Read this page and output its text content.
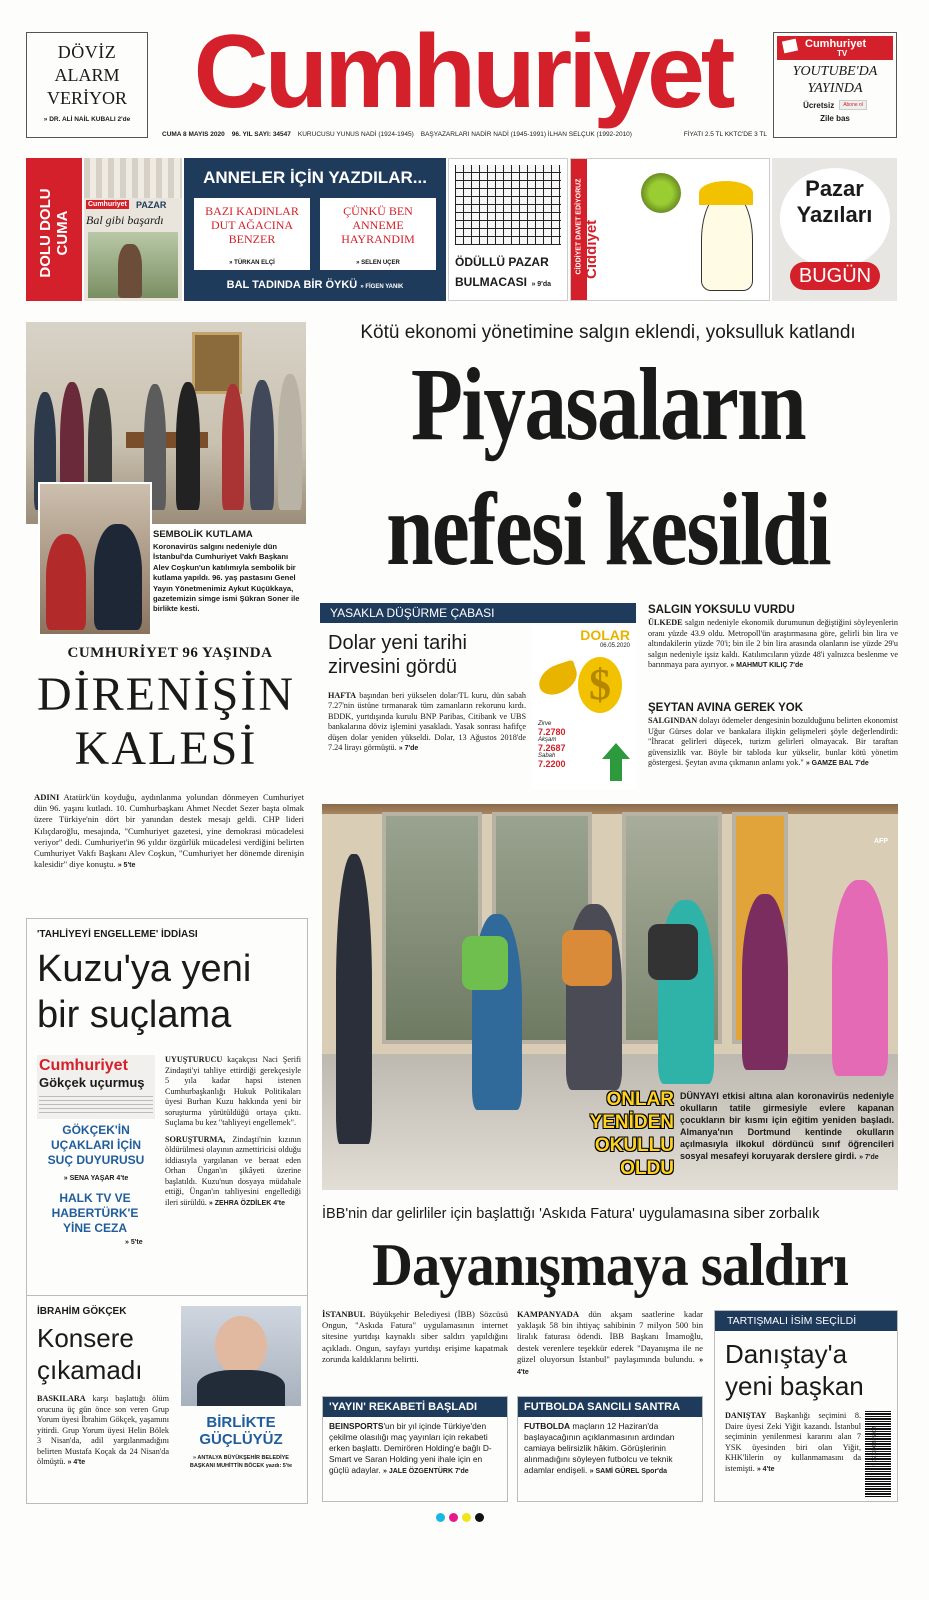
DÖVİZ
ALARM
VERİYOR
» DR. ALİ NAİL KUBALI 2'de Cumhuriyet
CUMA 8 MAYIS 2020 96. YIL SAYI: 34547 KURUCUSU YUNUS NADİ (1924-1945) BAŞYAZARLARI NADİR NADİ (1945-1991) İLHAN SELÇUK (1992-2010)	FİYATI 2.5 TL KKTC'DE 3 TL
Cumhuriyet
TV
YOUTUBE'DA
YAYINDA
Ücretsiz	Abone ol
Zile bas
DOLU DOLU CUMA
Cumhuriyet PAZAR
Bal gibi başardı
ANNELER İÇİN YAZDILAR...
BAZI KADINLAR DUT AĞACINA BENZER
» TÜRKAN ELÇİ
ÇÜNKÜ BEN ANNEME HAYRANDIM
» SELEN UÇER
BAL TADINDA BİR ÖYKÜ » FİGEN YANIK
ÖDÜLLÜ PAZAR
BULMACASI » 9'da
CİDDİYET DAVET EDİYORUZ Ciddiyet
Pazar
Yazıları
BUGÜN
SEMBOLİK KUTLAMA
Koronavirüs salgını nedeniyle dün İstanbul'da Cumhuriyet Vakfı Başkanı Alev Coşkun'un katılımıyla sembolik bir kutlama yapıldı. 96. yaş pastasını Genel Yayın Yönetmenimiz Aykut Küçükkaya, gazetemizin simge ismi Şükran Soner ile birlikte kesti.
CUMHURİYET 96 YAŞINDA
DİRENİŞİN
KALESİ
ADINI Atatürk'ün koyduğu, aydınlanma yolundan dönmeyen Cumhuriyet dün 96. yaşını kutladı. 10. Cumhurbaşkanı Ahmet Necdet Sezer başta olmak üzere Türkiye'nin dört bir yanından destek mesajı geldi. CHP lideri Kılıçdaroğlu, mesajında, "Cumhuriyet gazetesi, yine demokrasi mücadelesi veriyor" dedi. Cumhuriyet'in 96 yıldır özgürlük mücadelesi verdiğini belirten Cumhuriyet Vakfı Başkanı Alev Coşkun, "Cumhuriyet her dönemde direnişin kalesidir" diye konuştu. » 5'te
Kötü ekonomi yönetimine salgın eklendi, yoksulluk katlandı
Piyasaların
nefesi kesildi
YASAKLA DÜŞÜRME ÇABASI
Dolar yeni tarihi zirvesini gördü
HAFTA başından beri yükselen dolar/TL kuru, dün sabah 7.27'nin üstüne tırmanarak tüm zamanların rekorunu kırdı. BDDK, yurtdışında kurulu BNP Paribas, Citibank ve UBS bankalarına döviz işlemini yasakladı. Yasak sonrası hafifçe düşen dolar yeniden yükseldi. Dolar, 13 Ağustos 2018'de 7.24 lirayı görmüştü. » 7'de
DOLAR
06.05.2020
$
Zirve
7.2780
Akşam
7.2687
Sabah
7.2200
SALGIN YOKSULU VURDU
ÜLKEDE salgın nedeniyle ekonomik durumunun değiştiğini söyleyenlerin oranı yüzde 43.9 oldu. Metropoll'ün araştırmasına göre, gelirli bin lira ve altındakilerin yüzde 70'i; bin ile 2 bin lira arasında olanların ise yüzde 29'u salgın nedeniyle işsiz kaldı. Katılımcıların yüzde 48'i yalnızca beslenme ve barınmaya para ayırıyor. » MAHMUT KILIÇ 7'de
ŞEYTAN AVINA GEREK YOK
SALGINDAN dolayı ödemeler dengesinin bozulduğunu belirten ekonomist Uğur Gürses dolar ve bankalara ilişkin gelişmeleri şöyle değerlendirdi: "İhracat gelirleri düşecek, turizm gelirleri olmayacak. Bir taraftan güvensizlik var. Böyle bir tabloda kur yükselir, bunlar kötü yönetim göstergesi. Şeytan avına çıkmanın anlamı yok." » GAMZE BAL 7'de
AFP
ONLAR
YENİDEN
OKULLU
OLDU
DÜNYAYI etkisi altına alan koronavirüs nedeniyle okulların tatile girmesiyle evlere kapanan çocukların bir kısmı için eğitim yeniden başladı. Almanya'nın Dortmund kentinde okulların açılmasıyla ilkokul dördüncü sınıf öğrencileri sosyal mesafeyi koruyarak derslere girdi. » 7'de
'TAHLİYEYİ ENGELLEME' İDDİASI
Kuzu'ya yeni
bir suçlama
Cumhuriyet
Gökçek uçurmuş
GÖKÇEK'İN UÇAKLARI İÇİN SUÇ DUYURUSU
» SENA YAŞAR 4'te
HALK TV VE HABERTÜRK'E YİNE CEZA
» 5'te

UYUŞTURUCU kaçakçısı Naci Şerifi Zindaşti'yi tahliye ettirdiği gerekçesiyle 5 yıla kadar hapsi istenen Cumhurbaşkanlığı Hukuk Politikaları üyesi Burhan Kuzu hakkında yeni bir soruşturma yürütüldüğü ortaya çıktı. Suçlama bu kez "tahliyeyi engellemek".

SORUŞTURMA, Zindaşti'nin kızının öldürülmesi olayının azmettiricisi olduğu iddiasıyla yargılanan ve beraat eden Orhan Üngan'ın şikâyeti üzerine başlatıldı. Kuzu'nun dosyaya müdahale ettiği, Üngan'ın tahliyesini engellediği ileri sürüldü. » ZEHRA ÖZDİLEK 4'te

İBRAHİM GÖKÇEK
Konsere
çıkamadı
BASKILARA karşı başlattığı ölüm orucuna üç gün önce son veren Grup Yorum üyesi İbrahim Gökçek, yaşamını yitirdi. Grup Yorum üyesi Helin Bölek 3 Nisan'da, adil yargılanmadığını belirten Mustafa Koçak da 24 Nisan'da ölmüştü. » 4'te
BİRLİKTE GÜÇLÜYÜZ
» ANTALYA BÜYÜKŞEHİR BELEDİYE BAŞKANI MUHİTTİN BÖCEK yazdı: 5'te
İBB'nin dar gelirliler için başlattığı 'Askıda Fatura' uygulamasına siber zorbalık
Dayanışmaya saldırı
İSTANBUL Büyükşehir Belediyesi (İBB) Sözcüsü Ongun, "Askıda Fatura" uygulamasının internet sitesine yurtdışı kaynaklı siber saldırı yapıldığını açıkladı. Ongun, sayfayı yurtdışı erişime kapatmak zorunda kaldıklarını belirtti.
KAMPANYADA dün akşam saatlerine kadar yaklaşık 58 bin ihtiyaç sahibinin 7 milyon 500 bin liralık faturası ödendi. İBB Başkanı İmamoğlu, destek verenlere teşekkür ederek "Dayanışma ile ne güzel oluyorsun İstanbul" paylaşımında bulundu. » 4'te
'YAYIN' REKABETİ BAŞLADI
BEINSPORTS'un bir yıl içinde Türkiye'den çekilme olasılığı maç yayınları için rekabeti erken başlattı. Demirören Holding'e bağlı D-Smart ve Saran Holding yeni ihale için en güçlü adaylar. » JALE ÖZGENTÜRK 7'de
FUTBOLDA SANCILI SANTRA
FUTBOLDA maçların 12 Haziran'da başlayacağının açıklanmasının ardından camiaya belirsizlik hâkim. Görüşlerinin alınmadığını söyleyen futbolcu ve teknik adamlar endişeli. » SAMİ GÜREL Spor'da
TARTIŞMALI İSİM SEÇİLDİ
Danıştay'a
yeni başkan
DANIŞTAY Başkanlığı seçimini 8. Daire üyesi Zeki Yiğit kazandı. İstanbul seçiminin yenilenmesi kararını alan 7 YSK üyesinden biri olan Yiğit, KHK'lilerin oy kullanmamasını da istemişti. » 4'te
9 771300 935002
